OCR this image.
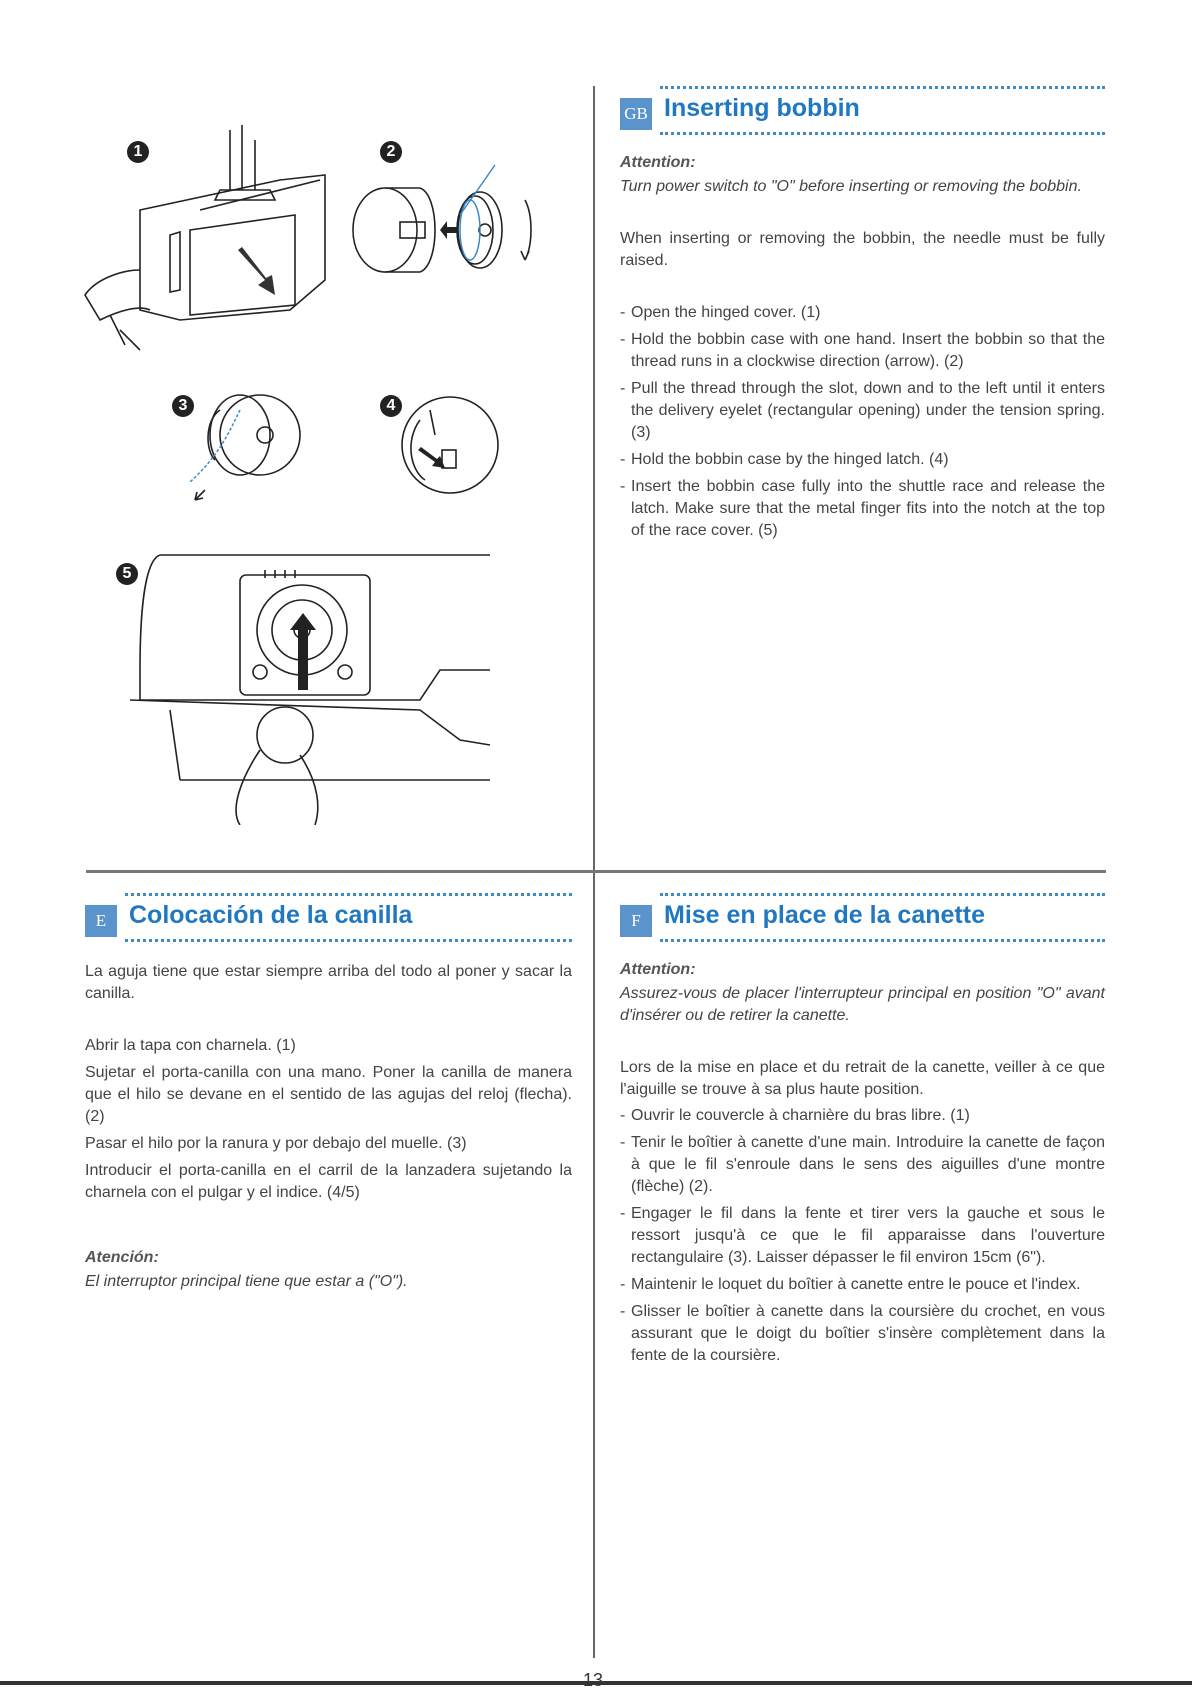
1	2
3	4
5
GB Inserting bobbin
Attention:

Turn power switch to "O" before inserting or removing the bobbin.

When inserting or removing the bobbin, the needle must be fully raised.

- Open the hinged cover. (1)
- Hold the bobbin case with one hand. Insert the bobbin so that the thread runs in a clockwise direction (arrow). (2)
- Pull the thread through the slot, down and to the left until it enters the delivery eyelet (rectangular opening) under the tension spring. (3)
- Hold the bobbin case by the hinged latch. (4)
- Insert the bobbin case fully into the shuttle race and release the latch. Make sure that the metal finger fits into the notch at the top of the race cover. (5)
E Colocación de la canilla

La aguja tiene que estar siempre arriba del todo al poner y sacar la canilla.

Abrir la tapa con charnela. (1)

Sujetar el porta-canilla con una mano. Poner la canilla de manera que el hilo se devane en el sentido de las agujas del reloj (flecha). (2)

Pasar el hilo por la ranura y por debajo del muelle. (3)

Introducir el porta-canilla en el carril de la lanzadera sujetando la charnela con el pulgar y el indice. (4/5)

Atención:

El interruptor principal tiene que estar a ("O").

F Mise en place de la canette
Attention:

Assurez-vous de placer l'interrupteur principal en position "O" avant d'insérer ou de retirer la canette.

Lors de la mise en place et du retrait de la canette, veiller à ce que l'aiguille se trouve à sa plus haute position.

- Ouvrir le couvercle à charnière du bras libre. (1)
- Tenir le boîtier à canette d'une main. Introduire la canette de façon à que le fil s'enroule dans le sens des aiguilles d'une montre (flèche) (2).
- Engager le fil dans la fente et tirer vers la gauche et sous le ressort jusqu'à ce que le fil apparaisse dans l'ouverture rectangulaire (3). Laisser dépasser le fil environ 15cm (6").
- Maintenir le loquet du boîtier à canette entre le pouce et l'index.
- Glisser le boîtier à canette dans la coursière du crochet, en vous assurant que le doigt du boîtier s'insère complètement dans la fente de la coursière.
13
